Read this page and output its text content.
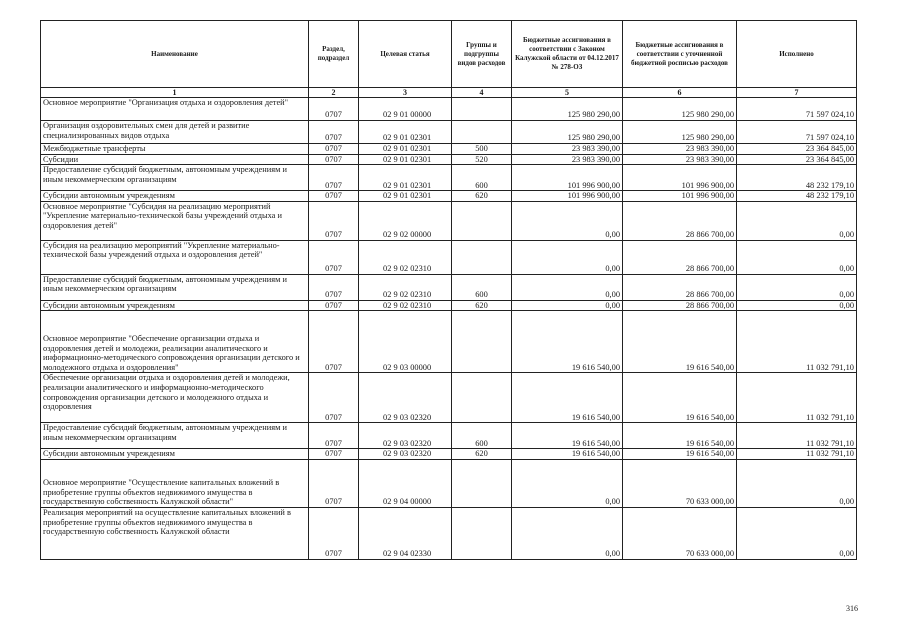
Наименование	Раздел, подраздел	Целевая статья	Группы и подгруппы видов расходов	Бюджетные ассигнования в соответствии с Законом Калужской области от 04.12.2017 № 278-ОЗ	Бюджетные ассигнования в соответствии с уточненной бюджетной росписью расходов	Исполнено
1	2	3	4	5	6	7
Основное мероприятие "Организация отдыха и оздоровления детей"	0707	02 9 01 00000		125 980 290,00	125 980 290,00	71 597 024,10
Организация оздоровительных смен для детей и развитие специализированных видов отдыха	0707	02 9 01 02301		125 980 290,00	125 980 290,00	71 597 024,10
Межбюджетные трансферты	0707	02 9 01 02301	500	23 983 390,00	23 983 390,00	23 364 845,00
Субсидии	0707	02 9 01 02301	520	23 983 390,00	23 983 390,00	23 364 845,00
Предоставление субсидий бюджетным, автономным учреждениям и иным некоммерческим организациям	0707	02 9 01 02301	600	101 996 900,00	101 996 900,00	48 232 179,10
Субсидии автономным учреждениям	0707	02 9 01 02301	620	101 996 900,00	101 996 900,00	48 232 179,10
Основное мероприятие "Субсидия на реализацию мероприятий "Укрепление материально-технической базы учреждений отдыха и оздоровления детей"	0707	02 9 02 00000		0,00	28 866 700,00	0,00
Субсидия на реализацию мероприятий "Укрепление материально-технической базы учреждений отдыха и оздоровления детей"	0707	02 9 02 02310		0,00	28 866 700,00	0,00
Предоставление субсидий бюджетным, автономным учреждениям и иным некоммерческим организациям	0707	02 9 02 02310	600	0,00	28 866 700,00	0,00
Субсидии автономным учреждениям	0707	02 9 02 02310	620	0,00	28 866 700,00	0,00
Основное мероприятие "Обеспечение организации отдыха и оздоровления детей и молодежи, реализации аналитического и информационно-методического сопровождения организации детского и молодежного отдыха и оздоровления"	0707	02 9 03 00000		19 616 540,00	19 616 540,00	11 032 791,10
Обеспечение организации отдыха и оздоровления детей и молодежи, реализации аналитического и информационно-методического сопровождения организации детского и молодежного отдыха и оздоровления	0707	02 9 03 02320		19 616 540,00	19 616 540,00	11 032 791,10
Предоставление субсидий бюджетным, автономным учреждениям и иным некоммерческим организациям	0707	02 9 03 02320	600	19 616 540,00	19 616 540,00	11 032 791,10
Субсидии автономным учреждениям	0707	02 9 03 02320	620	19 616 540,00	19 616 540,00	11 032 791,10
Основное мероприятие "Осуществление капитальных вложений в приобретение группы объектов недвижимого имущества в государственную собственность Калужской области"	0707	02 9 04 00000		0,00	70 633 000,00	0,00
Реализация мероприятий на осуществление капитальных вложений в приобретение группы объектов недвижимого имущества в государственную собственность Калужской области	0707	02 9 04 02330		0,00	70 633 000,00	0,00
316
